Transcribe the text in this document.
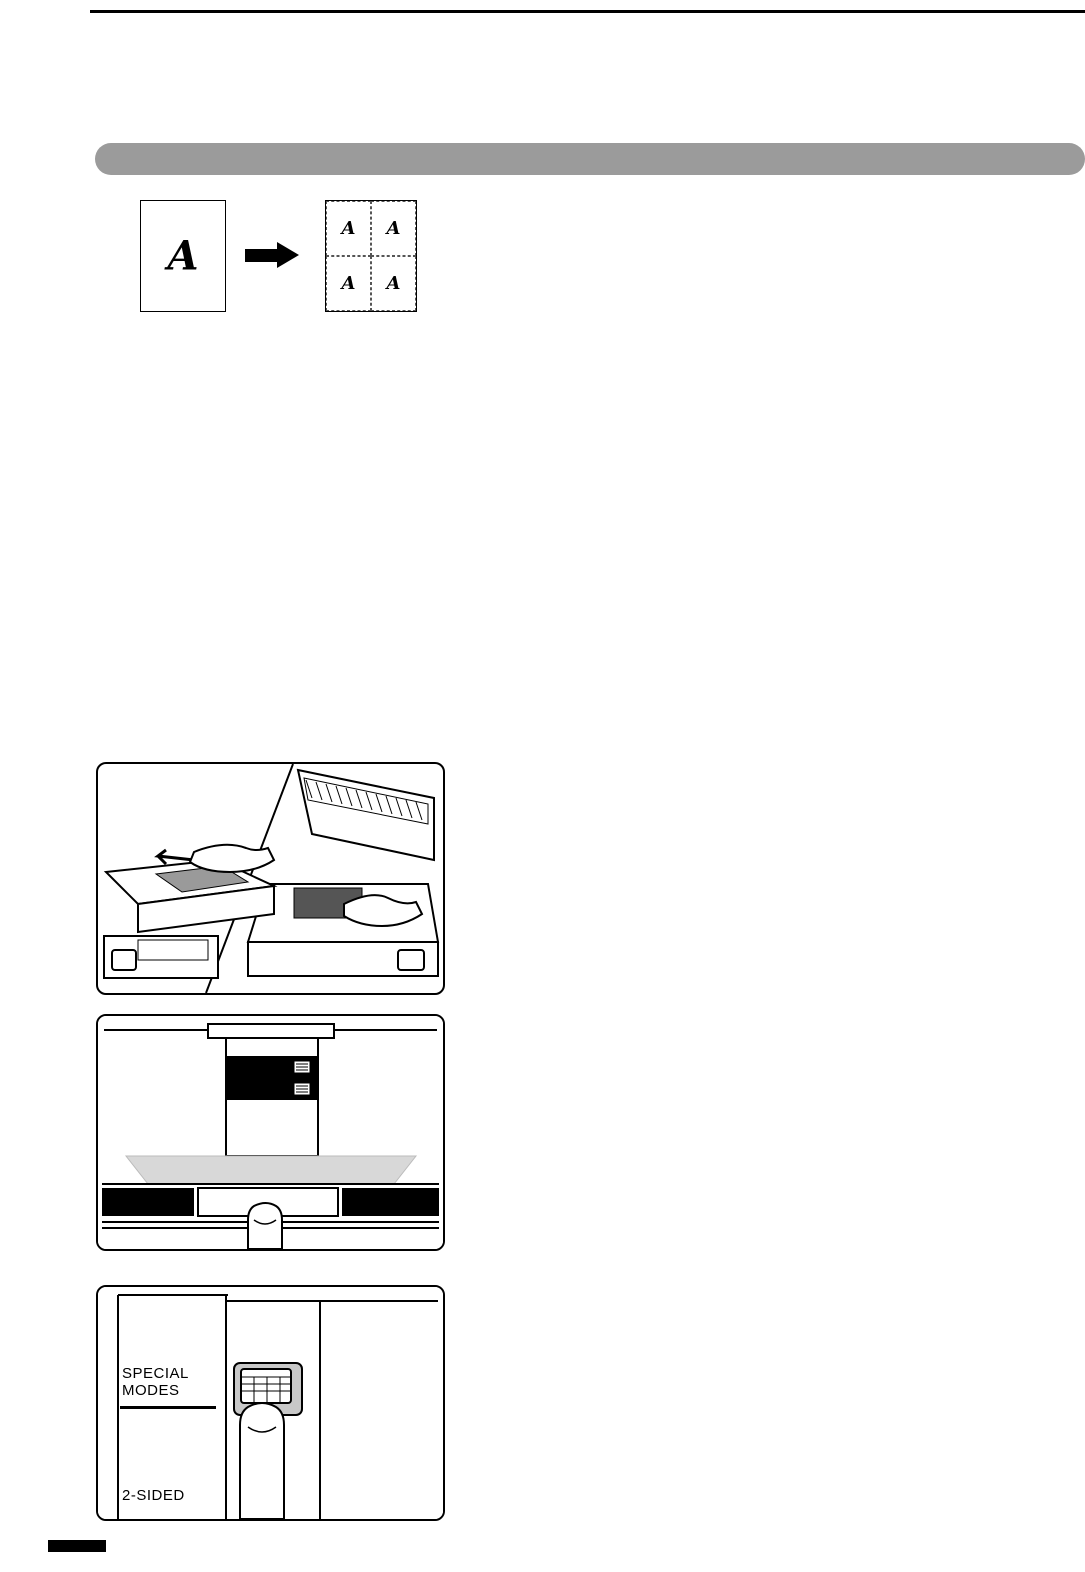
A
A A
A A
SPECIAL
MODES
2-SIDED
